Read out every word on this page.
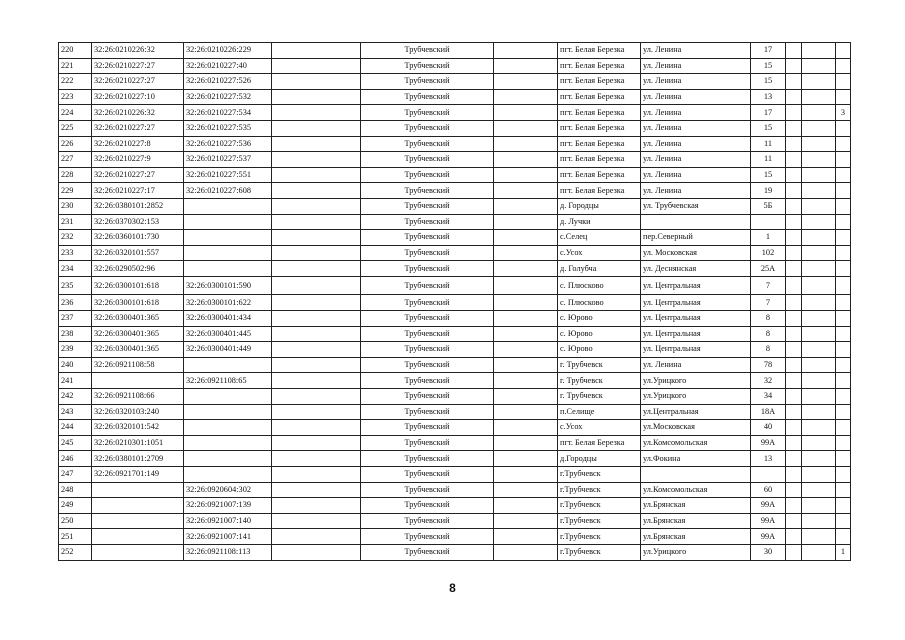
220	32:26:0210226:32	32:26:0210226:229		Трубчевский		пгт. Белая Березка	ул. Ленина	17			
221	32:26:0210227:27	32:26:0210227:40		Трубчевский		пгт. Белая Березка	ул. Ленина	15			
222	32:26:0210227:27	32:26:0210227:526		Трубчевский		пгт. Белая Березка	ул. Ленина	15			
223	32:26:0210227:10	32:26:0210227:532		Трубчевский		пгт. Белая Березка	ул. Ленина	13			
224	32:26:0210226:32	32:26:0210227:534		Трубчевский		пгт. Белая Березка	ул. Ленина	17			3
225	32:26:0210227:27	32:26:0210227:535		Трубчевский		пгт. Белая Березка	ул. Ленина	15			
226	32:26:0210227:8	32:26:0210227:536		Трубчевский		пгт. Белая Березка	ул. Ленина	11			
227	32:26:0210227:9	32:26:0210227:537		Трубчевский		пгт. Белая Березка	ул. Ленина	11			
228	32:26:0210227:27	32:26:0210227:551		Трубчевский		пгт. Белая Березка	ул. Ленина	15			
229	32:26:0210227:17	32:26:0210227:608		Трубчевский		пгт. Белая Березка	ул. Ленина	19			
230	32:26:0380101:2852			Трубчевский		д. Городцы	ул. Трубчевская	5Б			
231	32:26:0370302:153			Трубчевский		д. Лучки					
232	32:26:0360101:730			Трубчевский		с.Селец	пер.Северный	1			
233	32:26:0320101:557			Трубчевский		с.Усох	ул. Московская	102			
234	32:26:0290502:96			Трубчевский		д. Голубча	ул. Деснянская	25А			
235	32:26:0300101:618	32:26:0300101:590		Трубчевский		с. Плюсково	ул. Центральная	7			
236	32:26:0300101:618	32:26:0300101:622		Трубчевский		с. Плюсково	ул. Центральная	7			
237	32:26:0300401:365	32:26:0300401:434		Трубчевский		с. Юрово	ул. Центральная	8			
238	32:26:0300401:365	32:26:0300401:445		Трубчевский		с. Юрово	ул. Центральная	8			
239	32:26:0300401:365	32:26:0300401:449		Трубчевский		с. Юрово	ул. Центральная	8			
240	32:26:0921108:58			Трубчевский		г. Трубчевск	ул. Ленина	78			
241		32:26:0921108:65		Трубчевский		г. Трубчевск	ул.Урицкого	32			
242	32:26:0921108:66			Трубчевский		г. Трубчевск	ул.Урицкого	34			
243	32:26:0320103:240			Трубчевский		п.Селище	ул.Центральная	18А			
244	32:26:0320101:542			Трубчевский		с.Усох	ул.Московская	40			
245	32:26:0210301:1051			Трубчевский		пгт. Белая Березка	ул.Комсомольская	99А			
246	32:26:0380101:2709			Трубчевский		д.Городцы	ул.Фокина	13			
247	32:26:0921701:149			Трубчевский		г.Трубчевск					
248		32:26:0920604:302		Трубчевский		г.Трубчевск	ул.Комсомольская	60			
249		32:26:0921007:139		Трубчевский		г.Трубчевск	ул.Брянская	99А			
250		32:26:0921007:140		Трубчевский		г.Трубчевск	ул.Брянская	99А			
251		32:26:0921007:141		Трубчевский		г.Трубчевск	ул.Брянская	99А			
252		32:26:0921108:113		Трубчевский		г.Трубчевск	ул.Урицкого	30			1
8
